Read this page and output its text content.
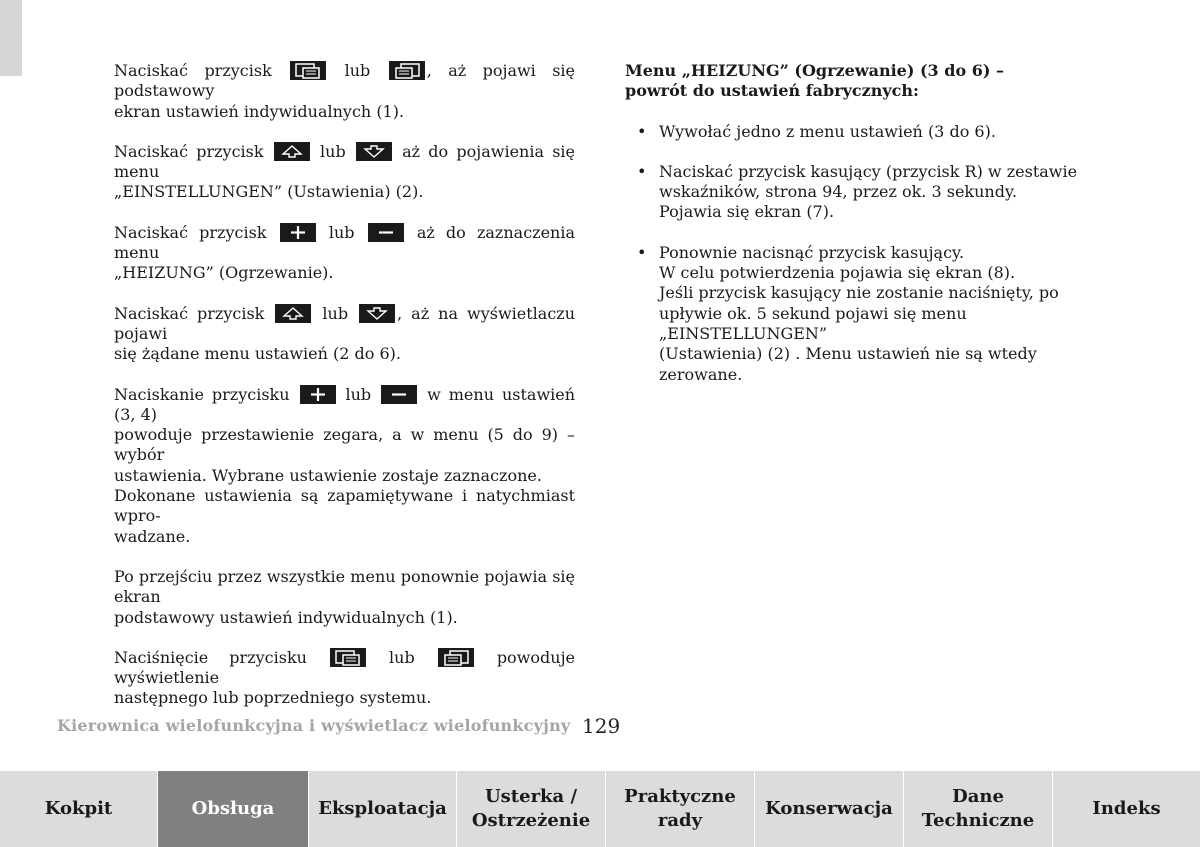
Naciskać przycisk	lub	, aż pojawi się podstawowy
ekran ustawień indywidualnych (1).
Naciskać przycisk	lub	aż do pojawienia się menu
„EINSTELLUNGEN” (Ustawienia) (2).
Naciskać przycisk	lub	aż do zaznaczenia menu
„HEIZUNG” (Ogrzewanie).
Naciskać przycisk	lub	, aż na wyświetlaczu pojawi
się żądane menu ustawień (2 do 6).
Naciskanie przycisku	lub	w menu ustawień (3, 4)
powoduje przestawienie zegara, a w menu (5 do 9) – wybór
ustawienia. Wybrane ustawienie zostaje zaznaczone.
Dokonane ustawienia są zapamiętywane i natychmiast wpro-
wadzane.
Po przejściu przez wszystkie menu ponownie pojawia się ekran
podstawowy ustawień indywidualnych (1).
Naciśnięcie przycisku	lub	powoduje wyświetlenie
następnego lub poprzedniego systemu.
Menu „HEIZUNG” (Ogrzewanie) (3 do 6) –
powrót do ustawień fabrycznych:
• Wywołać jedno z menu ustawień (3 do 6).
• Naciskać przycisk kasujący (przycisk R) w zestawie
wskaźników, strona 94, przez ok. 3 sekundy.
Pojawia się ekran (7).
• Ponownie nacisnąć przycisk kasujący.
W celu potwierdzenia pojawia się ekran (8).
Jeśli przycisk kasujący nie zostanie naciśnięty, po
upływie ok. 5 sekund pojawi się menu „EINSTELLUNGEN”
(Ustawienia) (2) . Menu ustawień nie są wtedy zerowane.
Kierownica wielofunkcyjna i wyświetlacz wielofunkcyjny 129
Kokpit	Obsługa	Eksploatacja
Usterka /
Ostrzeżenie
Praktyczne
rady
Konserwacja
Dane
Techniczne
Indeks
